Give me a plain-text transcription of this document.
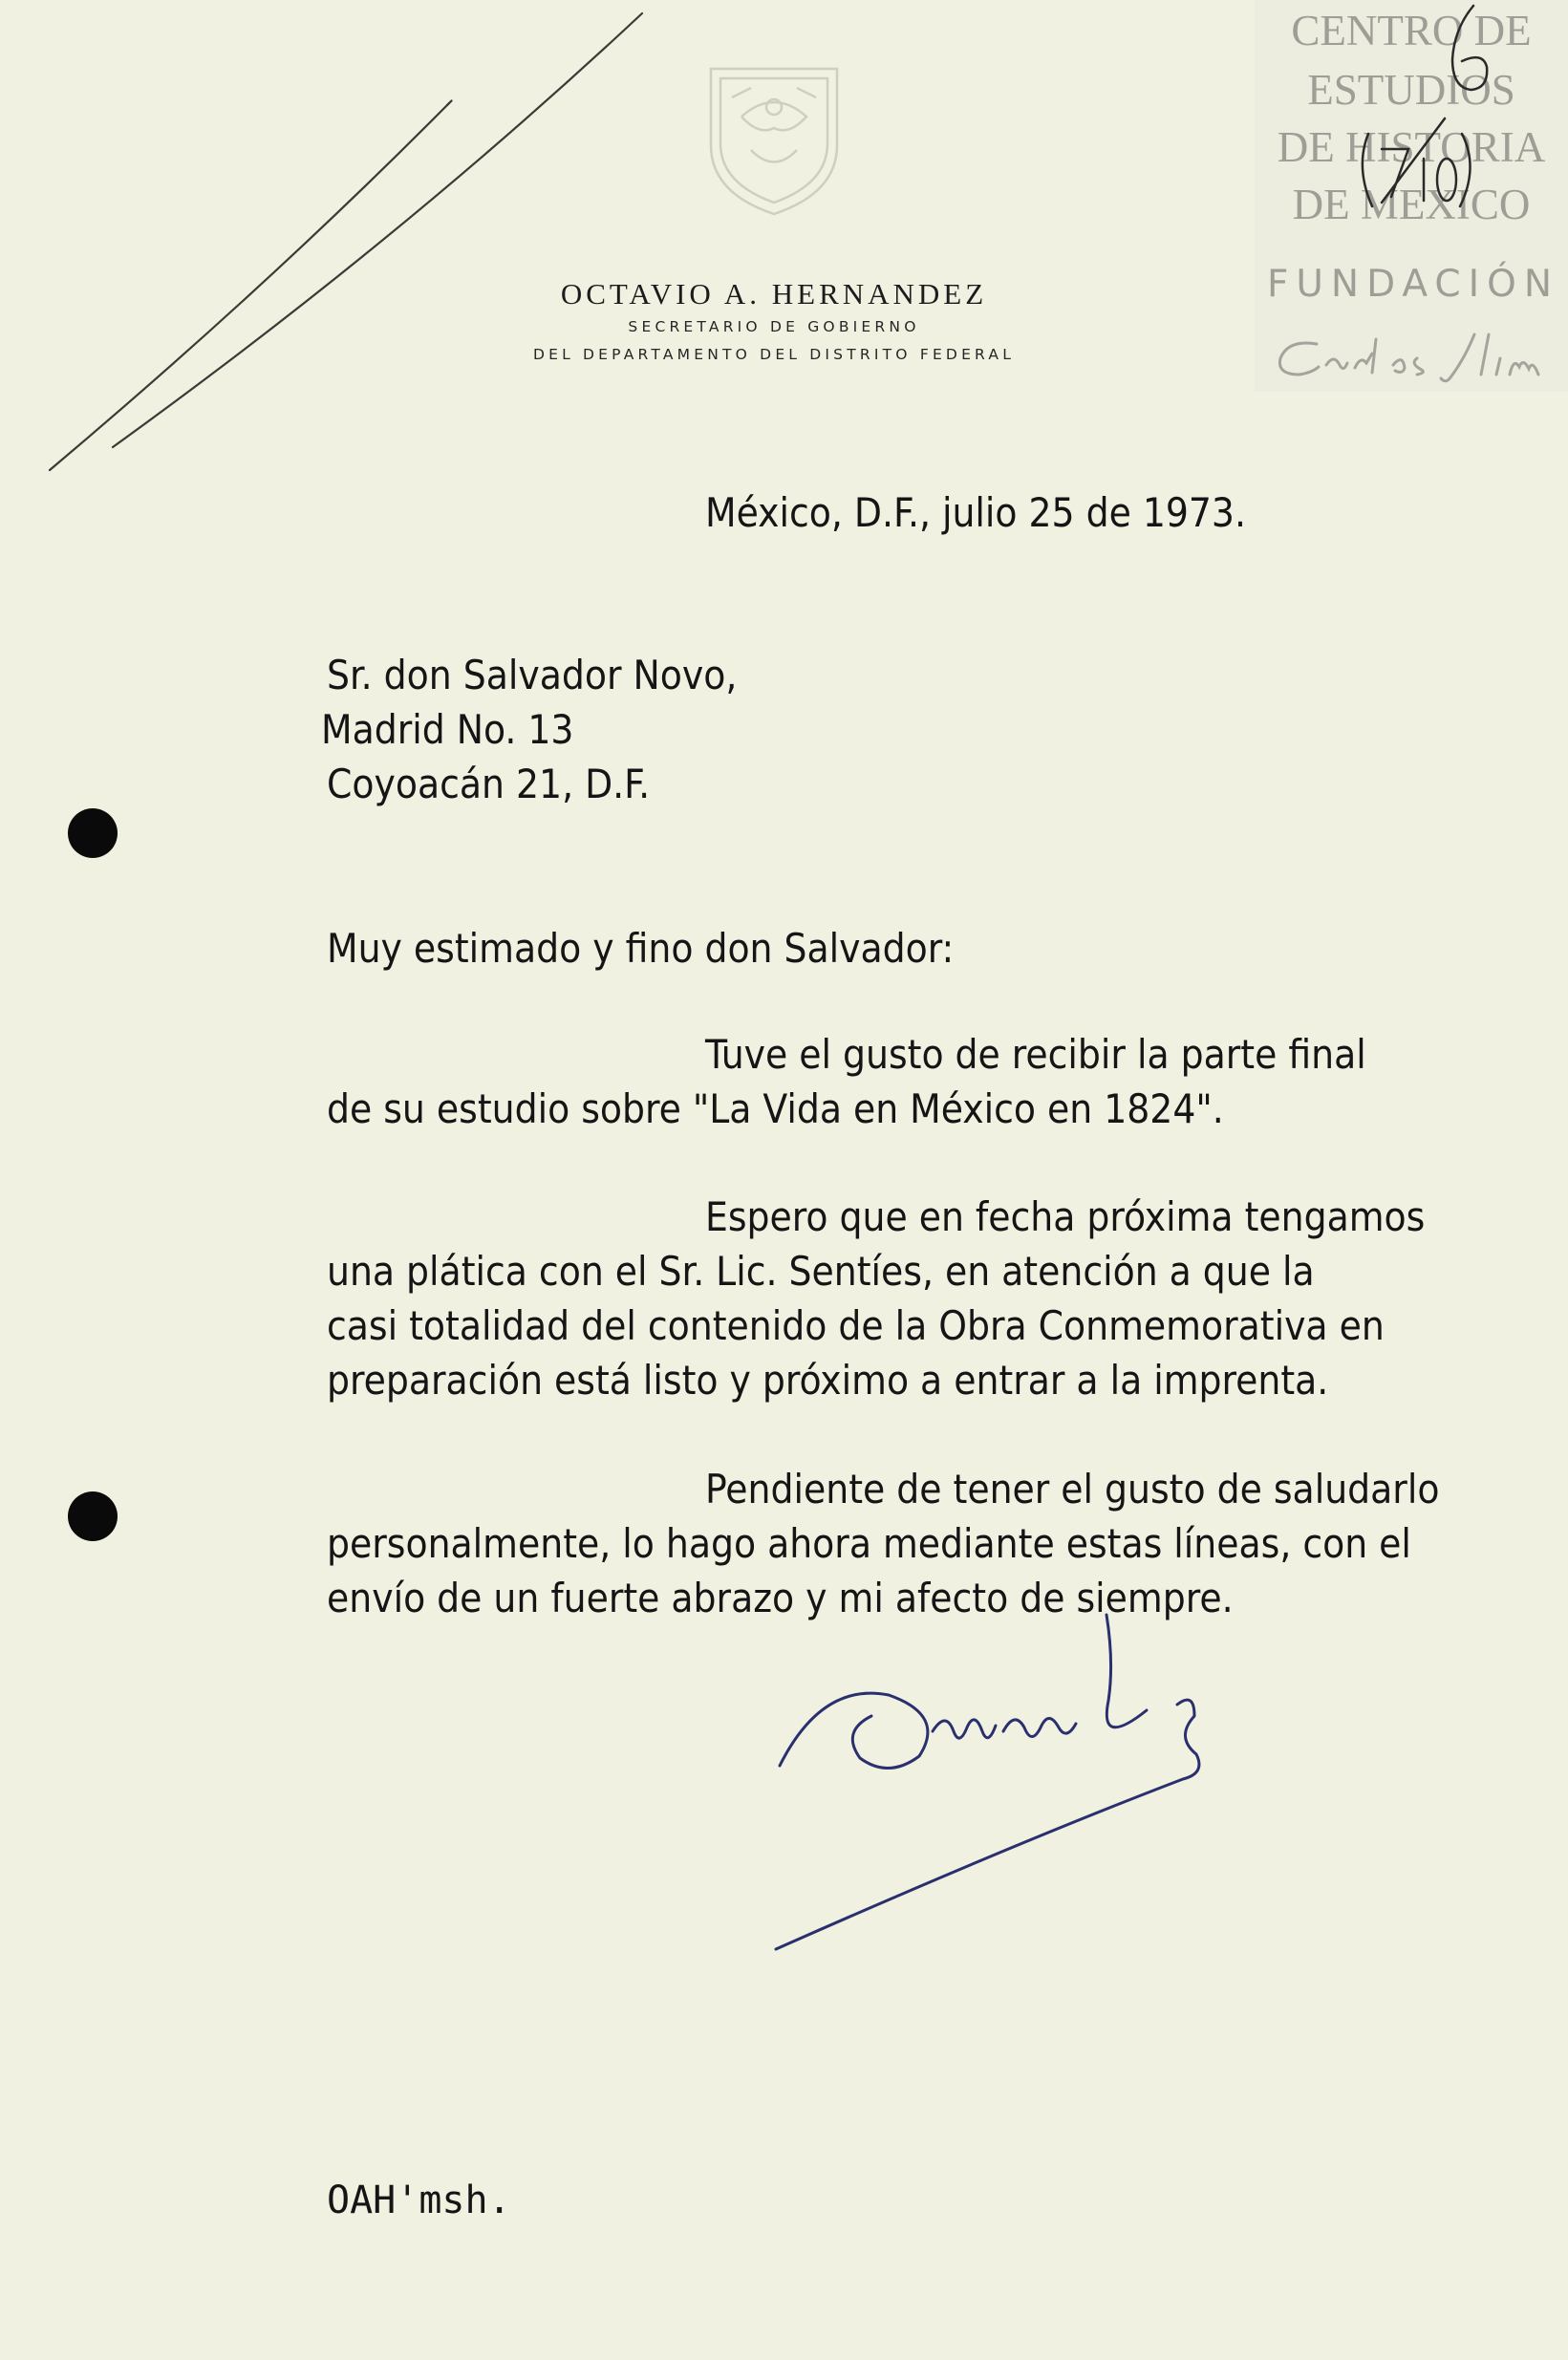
OCTAVIO A. HERNANDEZ
SECRETARIO DE GOBIERNO
DEL DEPARTAMENTO DEL DISTRITO FEDERAL
CENTRO DE
ESTUDIOS
DE HISTORIA
DE MEXICO
FUNDACIÓN
México, D.F., julio 25 de 1973.
Sr. don Salvador Novo,
Madrid No. 13
Coyoacán 21, D.F.
Muy estimado y fino don Salvador:
Tuve el gusto de recibir la parte final
de su estudio sobre "La Vida en México en 1824".
Espero que en fecha próxima tengamos
una plática con el Sr. Lic. Sentíes, en atención a que la
casi totalidad del contenido de la Obra Conmemorativa en
preparación está listo y próximo a entrar a la imprenta.
Pendiente de tener el gusto de saludarlo
personalmente, lo hago ahora mediante estas líneas, con el
envío de un fuerte abrazo y mi afecto de siempre.
OAH'msh.
